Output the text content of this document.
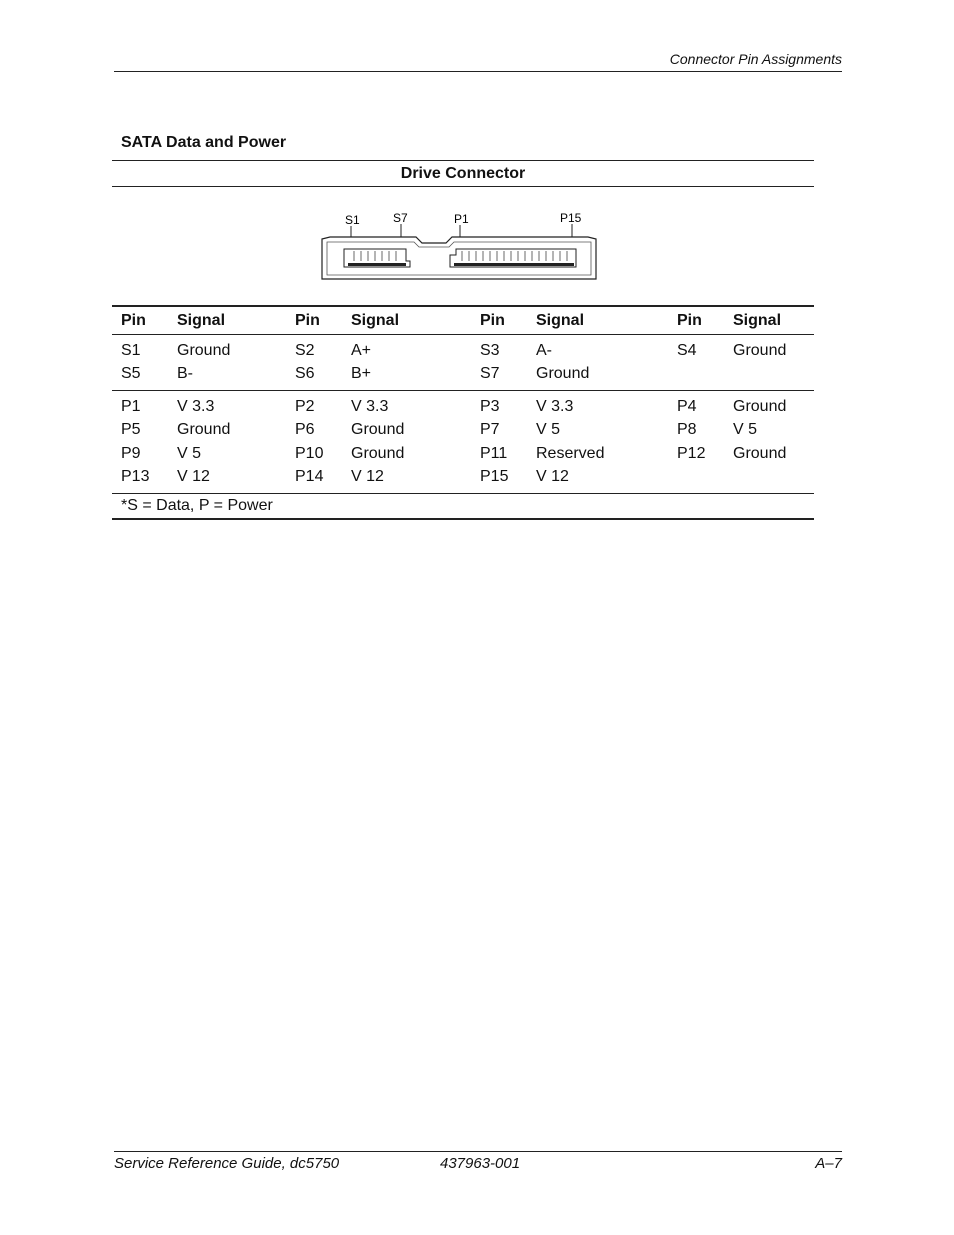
Connector Pin Assignments
SATA Data and Power
Drive Connector
S1	S7	P1	P15
Pin	Signal	Pin	Signal	Pin	Signal	Pin	Signal
S1	Ground	S2	A+	S3	A-	S4	Ground
S5	B-	S6	B+	S7	Ground		
P1	V 3.3	P2	V 3.3	P3	V 3.3	P4	Ground
P5	Ground	P6	Ground	P7	V 5	P8	V 5
P9	V 5	P10	Ground	P11	Reserved	P12	Ground
P13	V 12	P14	V 12	P15	V 12		
*S = Data, P = Power							
Service Reference Guide, dc5750	437963-001	A–7
